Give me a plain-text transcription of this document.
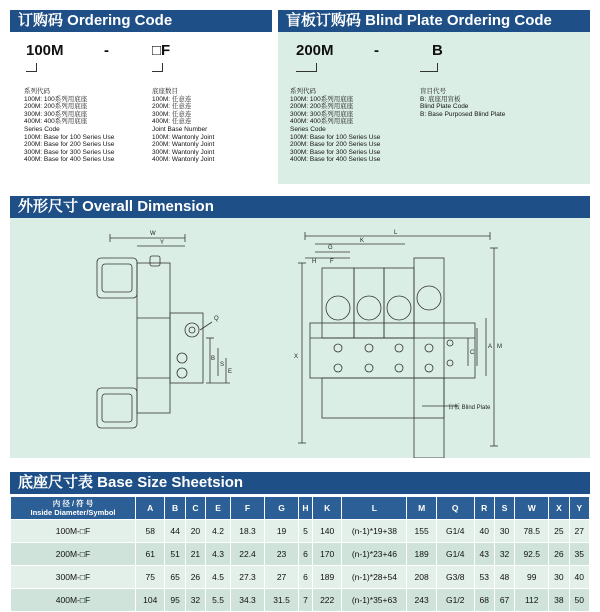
订购码 Ordering Code
100M	-	□F
系列代码
100M: 100系列用底座
200M: 200系列用底座
300M: 300系列用底座
400M: 400系列用底座
Series Code
100M: Base for 100 Series Use
200M: Base for 200 Series Use
300M: Base for 300 Series Use
400M: Base for 400 Series Use
底座数目
100M: 任意连
200M: 任意连
300M: 任意连
400M: 任意连
Joint Base Number
100M: Wantonly Joint
200M: Wantonly Joint
300M: Wantonly Joint
400M: Wantonly Joint
盲板订购码 Blind Plate Ordering Code
200M	-	B
系列代码
100M: 100系列用底座
200M: 200系列用底座
300M: 300系列用底座
400M: 400系列用底座
Series Code
100M: Base for 100 Series Use
200M: Base for 200 Series Use
300M: Base for 300 Series Use
400M: Base for 400 Series Use
盲目代号
B: 底座用盲板
Blind Plate Code
B: Base Purposed Blind Plate
外形尺寸 Overall Dimension
W
Y
Q
B
S
E
L
G
H F
K
X
A
C
M
盲板 Blind Plate
底座尺寸表 Base Size Sheetsion
内 径 / 符 号
Inside Diameter/Symbol	A	B	C	E	F	G	H	K	L	M	Q	R	S	W	X	Y
100M-□F	58	44	20	4.2	18.3	19	5	140	(n-1)*19+38	155	G1/4	40	30	78.5	25	27
200M-□F	61	51	21	4.3	22.4	23	6	170	(n-1)*23+46	189	G1/4	43	32	92.5	26	35
300M-□F	75	65	26	4.5	27.3	27	6	189	(n-1)*28+54	208	G3/8	53	48	99	30	40
400M-□F	104	95	32	5.5	34.3	31.5	7	222	(n-1)*35+63	243	G1/2	68	67	112	38	50
